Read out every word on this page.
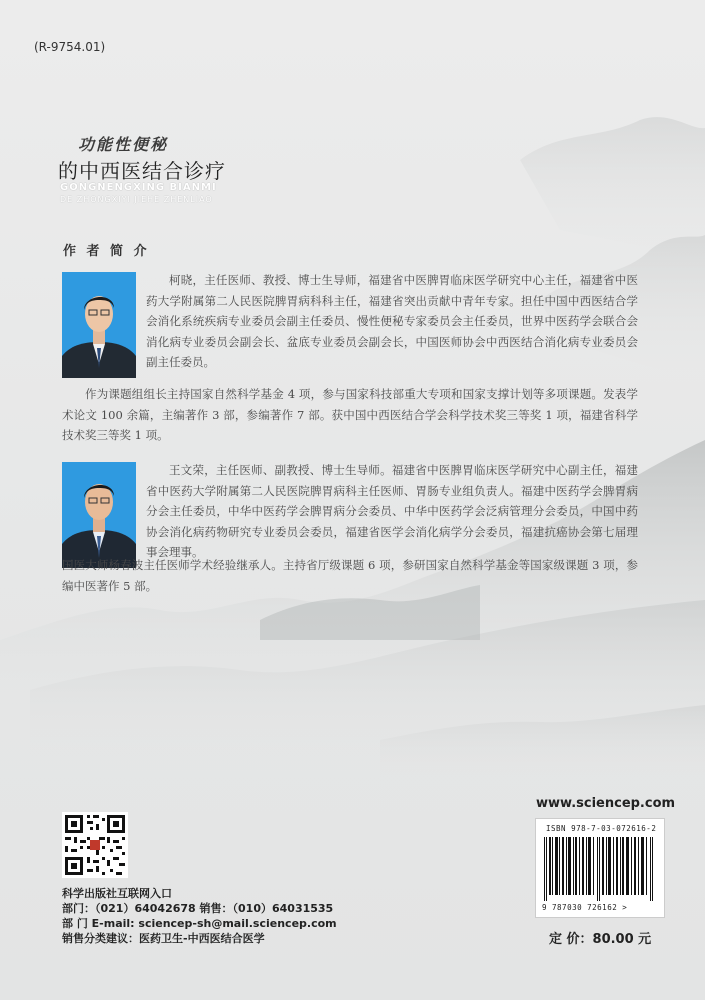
(R-9754.01)
功能性便秘
的中西医结合诊疗
GONGNENGXING BIANMI
DE ZHONGXIYI JIEHE ZHENLIAO
作 者 简 介
柯晓，主任医师、教授、博士生导师，福建省中医脾胃临床医学研究中心主任，福建省中医药大学附属第二人民医院脾胃病科科主任，福建省突出贡献中青年专家。担任中国中西医结合学会消化系统疾病专业委员会副主任委员、慢性便秘专家委员会主任委员，世界中医药学会联合会消化病专业委员会副会长、盆底专业委员会副会长，中国医师协会中西医结合消化病专业委员会副主任委员。
作为课题组组长主持国家自然科学基金 4 项，参与国家科技部重大专项和国家支撑计划等多项课题。发表学术论文 100 余篇，主编著作 3 部，参编著作 7 部。获中国中西医结合学会科学技术奖三等奖 1 项，福建省科学技术奖三等奖 1 项。
王文荣，主任医师、副教授、博士生导师。福建省中医脾胃临床医学研究中心副主任，福建省中医药大学附属第二人民医院脾胃病科主任医师、胃肠专业组负责人。福建中医药学会脾胃病分会主任委员，中华中医药学会脾胃病分会委员、中华中医药学会泛病管理分会委员，中国中药协会消化病药物研究专业委员会委员，福建省医学会消化病学分会委员，福建抗癌协会第七届理事会理事。
国医大师杨春波主任医师学术经验继承人。主持省厅级课题 6 项，参研国家自然科学基金等国家级课题 3 项，参编中医著作 5 部。
科学出版社互联网入口
部门：（021）64042678 销售：（010）64031535
部 门 E-mail: sciencep-sh@mail.sciencep.com
销售分类建议：医药卫生-中西医结合医学
www.sciencep.com
ISBN 978-7-03-072616-2
9 787030 726162 >
定 价：80.00 元
